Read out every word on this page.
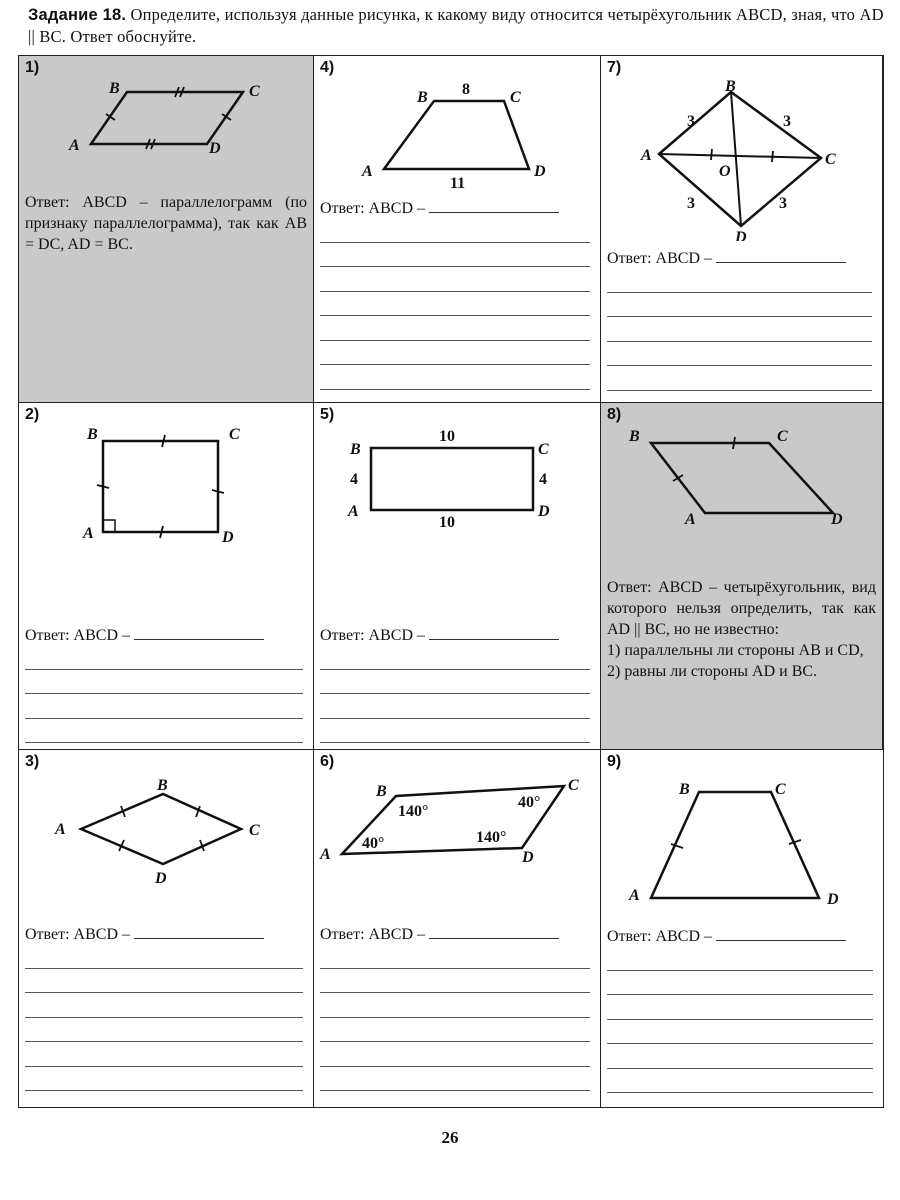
Задание 18. Определите, используя данные рисунка, к какому виду относится четырёхугольник ABCD, зная, что AD || BC. Ответ обоснуйте.
1)
A
B	C
D
Ответ: ABCD – параллелограмм (по признаку параллелограмма), так как AB = DC, AD = BC.
4)
A
B	C
D
8
11
Ответ: ABCD –
7)
A
B
C
D
O
3	3
3	3
Ответ: ABCD –
2)
B	C
A	D
Ответ: ABCD –
5)
B	C
A	D
10
10
4	4
Ответ: ABCD –
8)
B	C
A	D
Ответ: ABCD – четырёхугольник, вид которого нельзя определить, так как AD || BC, но не известно:
1) параллельны ли стороны AB и CD,
2) равны ли стороны AD и BC.
3)
A
B
C
D
Ответ: ABCD –
6)
A
B	C
D
40°
140°
40°
140°
Ответ: ABCD –
9)
B	C
A	D
Ответ: ABCD –
26
